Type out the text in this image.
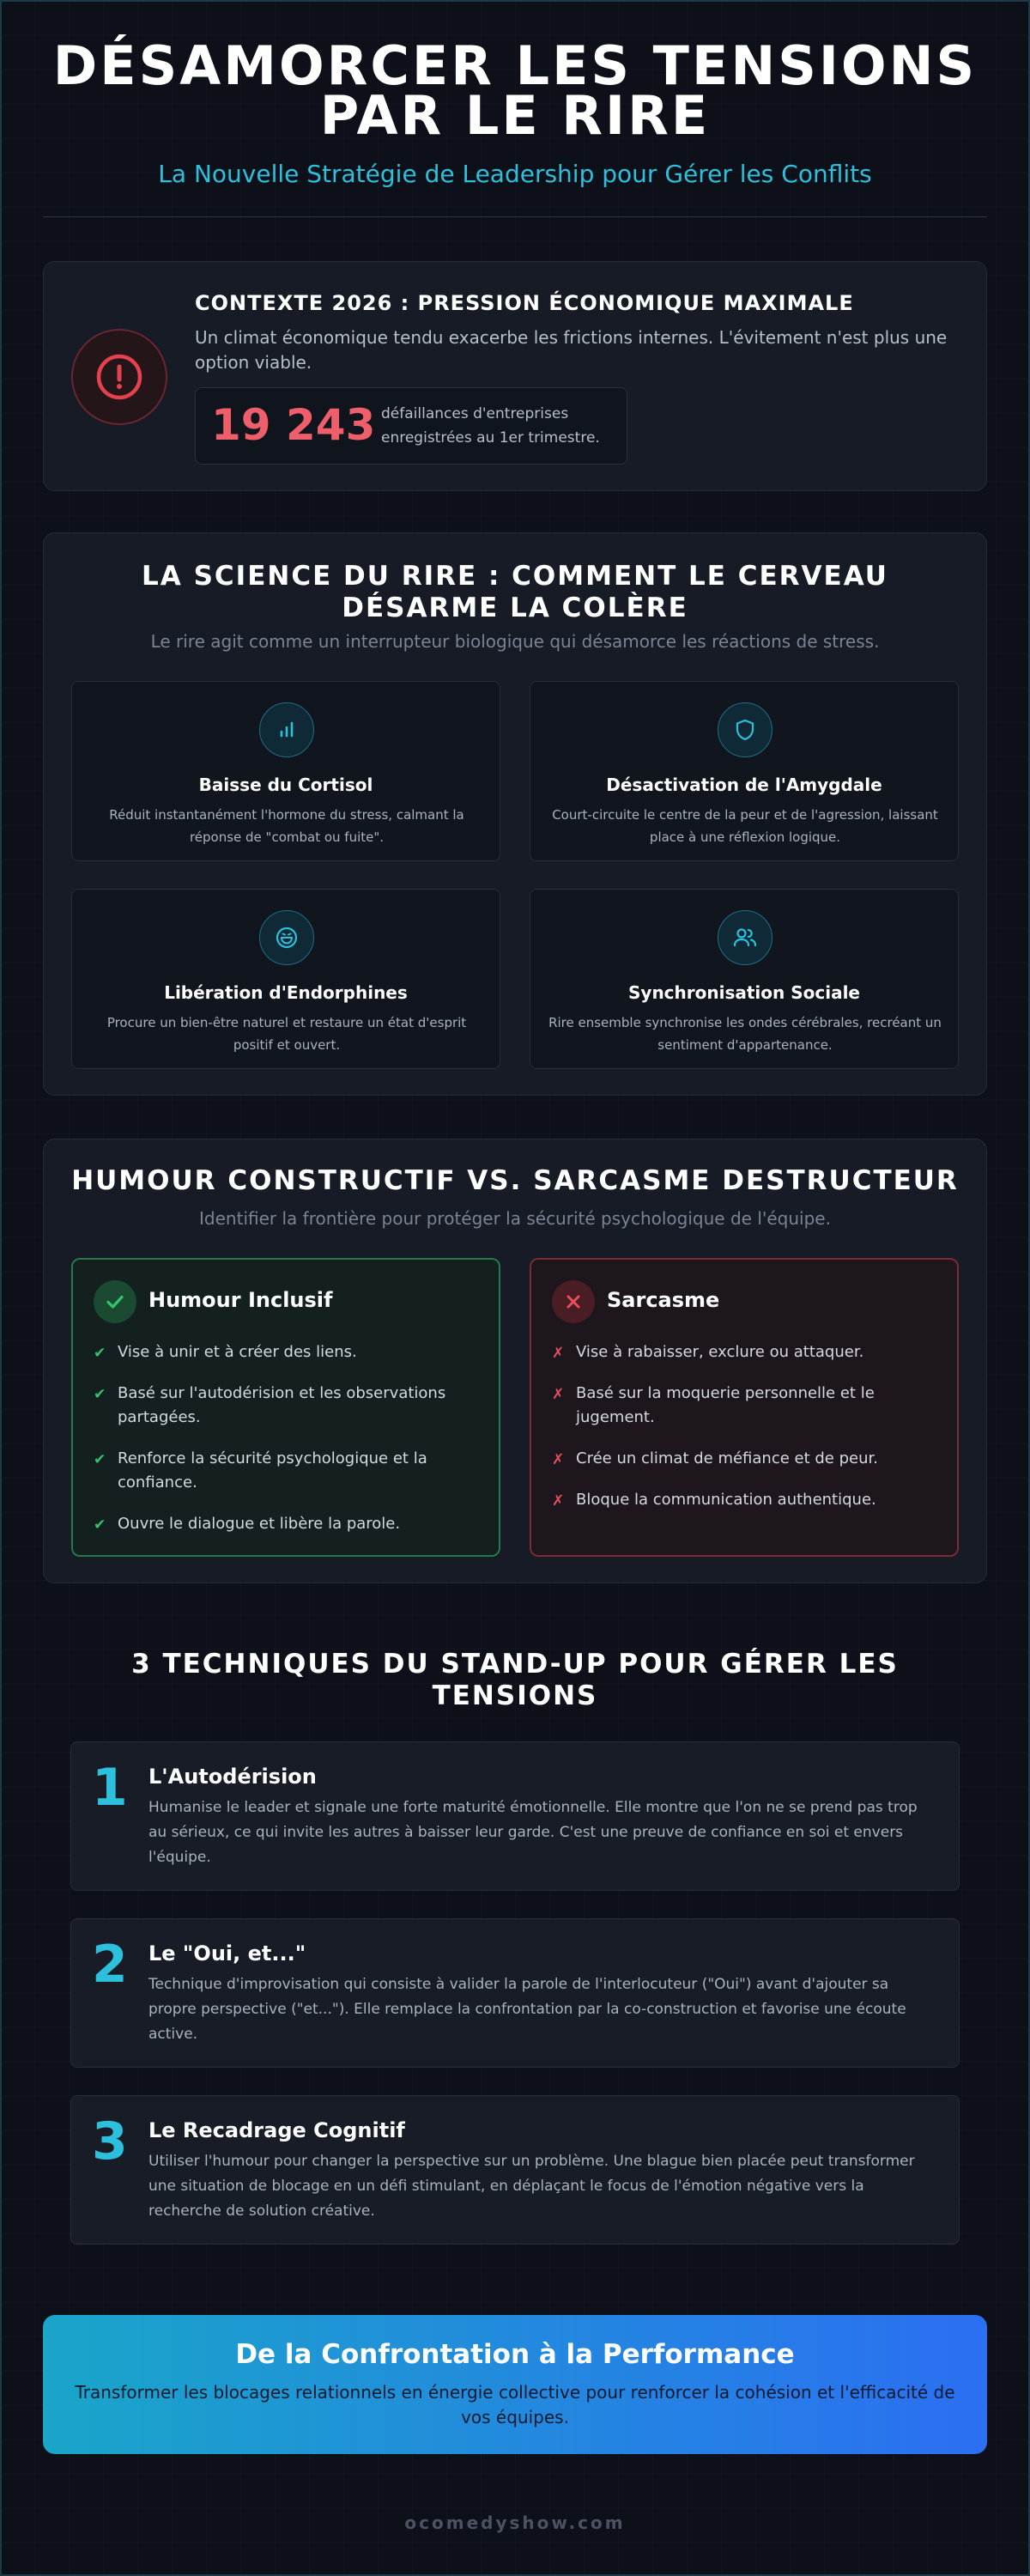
DÉSAMORCER LES TENSIONS
PAR LE RIRE
La Nouvelle Stratégie de Leadership pour Gérer les Conflits
CONTEXTE 2026 : PRESSION ÉCONOMIQUE MAXIMALE
Un climat économique tendu exacerbe les frictions internes. L'évitement n'est plus une option viable.
19 243 défaillances d'entreprises enregistrées au 1er trimestre.
LA SCIENCE DU RIRE : COMMENT LE CERVEAU DÉSARME LA COLÈRE
Le rire agit comme un interrupteur biologique qui désamorce les réactions de stress.
Baisse du Cortisol
Réduit instantanément l'hormone du stress, calmant la réponse de "combat ou fuite".
Désactivation de l'Amygdale
Court-circuite le centre de la peur et de l'agression, laissant place à une réflexion logique.
Libération d'Endorphines
Procure un bien-être naturel et restaure un état d'esprit positif et ouvert.
Synchronisation Sociale
Rire ensemble synchronise les ondes cérébrales, recréant un sentiment d'appartenance.
HUMOUR CONSTRUCTIF VS. SARCASME DESTRUCTEUR
Identifier la frontière pour protéger la sécurité psychologique de l'équipe.
Humour Inclusif
✔ Vise à unir et à créer des liens.
✔ Basé sur l'autodérision et les observations partagées.
✔ Renforce la sécurité psychologique et la confiance.
✔ Ouvre le dialogue et libère la parole.
Sarcasme
✗ Vise à rabaisser, exclure ou attaquer.
✗ Basé sur la moquerie personnelle et le jugement.
✗ Crée un climat de méfiance et de peur.
✗ Bloque la communication authentique.
3 TECHNIQUES DU STAND-UP POUR GÉRER LES TENSIONS
1 L'Autodérision
Humanise le leader et signale une forte maturité émotionnelle. Elle montre que l'on ne se prend pas trop au sérieux, ce qui invite les autres à baisser leur garde. C'est une preuve de confiance en soi et envers l'équipe.
2 Le "Oui, et..."
Technique d'improvisation qui consiste à valider la parole de l'interlocuteur ("Oui") avant d'ajouter sa propre perspective ("et..."). Elle remplace la confrontation par la co-construction et favorise une écoute active.
3 Le Recadrage Cognitif
Utiliser l'humour pour changer la perspective sur un problème. Une blague bien placée peut transformer une situation de blocage en un défi stimulant, en déplaçant le focus de l'émotion négative vers la recherche de solution créative.
De la Confrontation à la Performance
Transformer les blocages relationnels en énergie collective pour renforcer la cohésion et l'efficacité de vos équipes.
ocomedyshow.com
